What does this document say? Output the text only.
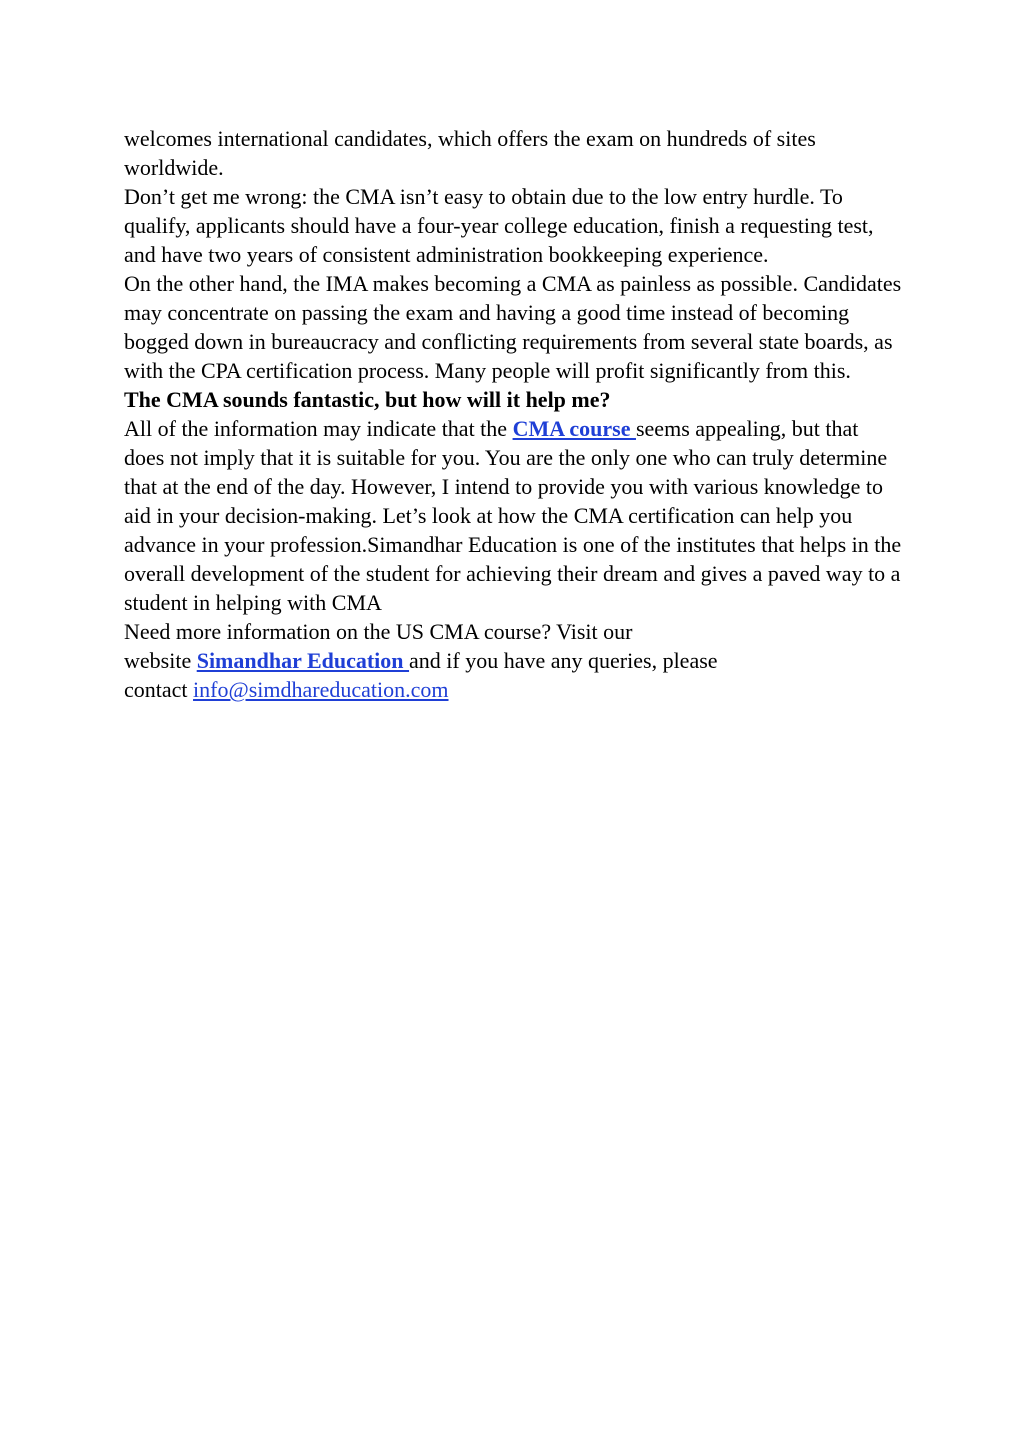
welcomes international candidates, which offers the exam on hundreds of sites worldwide.

Don’t get me wrong: the CMA isn’t easy to obtain due to the low entry hurdle. To qualify, applicants should have a four-year college education, finish a requesting test, and have two years of consistent administration bookkeeping experience.

On the other hand, the IMA makes becoming a CMA as painless as possible. Candidates may concentrate on passing the exam and having a good time instead of becoming bogged down in bureaucracy and conflicting requirements from several state boards, as with the CPA certification process. Many people will profit significantly from this.

The CMA sounds fantastic, but how will it help me?

All of the information may indicate that the CMA course seems appealing, but that does not imply that it is suitable for you. You are the only one who can truly determine that at the end of the day. However, I intend to provide you with various knowledge to aid in your decision-making. Let’s look at how the CMA certification can help you advance in your profession.Simandhar Education is one of the institutes that helps in the overall development of the student for achieving their dream and gives a paved way to a student in helping with CMA

Need more information on the US CMA course? Visit our
website Simandhar Education and if you have any queries, please
contact info@simdhareducation.com
